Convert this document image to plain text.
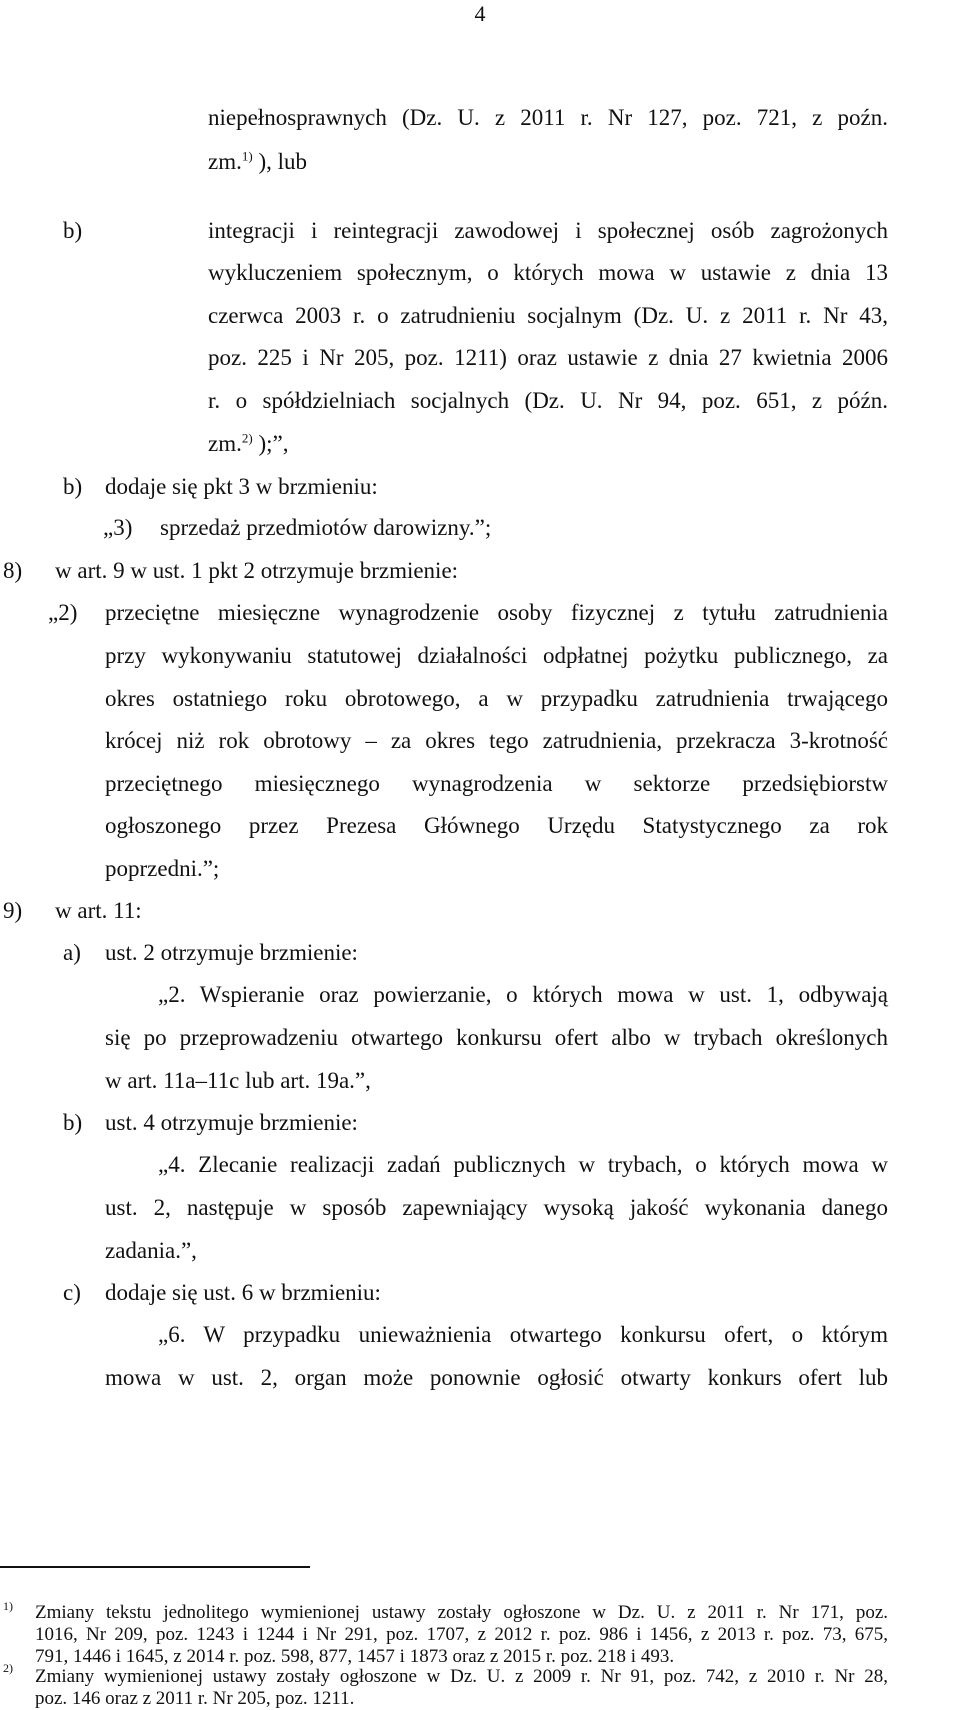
4
niepełnosprawnych (Dz. U. z 2011 r. Nr 127, poz. 721, z poźn.
zm.$^{1)}$ ), lub
b)	integracji i reintegracji zawodowej i społecznej osób zagrożonych
wykluczeniem społecznym, o których mowa w ustawie z dnia 13
czerwca 2003 r. o zatrudnieniu socjalnym (Dz. U. z 2011 r. Nr 43,
poz. 225 i Nr 205, poz. 1211) oraz ustawie z dnia 27 kwietnia 2006
r. o spółdzielniach socjalnych (Dz. U. Nr 94, poz. 651, z późn.
zm.$^{2)}$ );”,
b) dodaje się pkt 3 w brzmieniu:
„3) sprzedaż przedmiotów darowizny.”;
8) w art. 9 w ust. 1 pkt 2 otrzymuje brzmienie:
„2) przeciętne miesięczne wynagrodzenie osoby fizycznej z tytułu zatrudnienia
przy wykonywaniu statutowej działalności odpłatnej pożytku publicznego, za
okres ostatniego roku obrotowego, a w przypadku zatrudnienia trwającego
krócej niż rok obrotowy – za okres tego zatrudnienia, przekracza 3-krotność
przeciętnego miesięcznego wynagrodzenia w sektorze przedsiębiorstw
ogłoszonego przez Prezesa Głównego Urzędu Statystycznego za rok
poprzedni.”;
9) w art. 11:
a) ust. 2 otrzymuje brzmienie:
„2. Wspieranie oraz powierzanie, o których mowa w ust. 1, odbywają
się po przeprowadzeniu otwartego konkursu ofert albo w trybach określonych
w art. 11a–11c lub art. 19a.”,
b) ust. 4 otrzymuje brzmienie:
„4. Zlecanie realizacji zadań publicznych w trybach, o których mowa w
ust. 2, następuje w sposób zapewniający wysoką jakość wykonania danego
zadania.”,
c) dodaje się ust. 6 w brzmieniu:
„6. W przypadku unieważnienia otwartego konkursu ofert, o którym
mowa w ust. 2, organ może ponownie ogłosić otwarty konkurs ofert lub
1) Zmiany tekstu jednolitego wymienionej ustawy zostały ogłoszone w Dz. U. z 2011 r. Nr 171, poz.
1016, Nr 209, poz. 1243 i 1244 i Nr 291, poz. 1707, z 2012 r. poz. 986 i 1456, z 2013 r. poz. 73, 675,
791, 1446 i 1645, z 2014 r. poz. 598, 877, 1457 i 1873 oraz z 2015 r. poz. 218 i 493.
2) Zmiany wymienionej ustawy zostały ogłoszone w Dz. U. z 2009 r. Nr 91, poz. 742, z 2010 r. Nr 28,
poz. 146 oraz z 2011 r. Nr 205, poz. 1211.
